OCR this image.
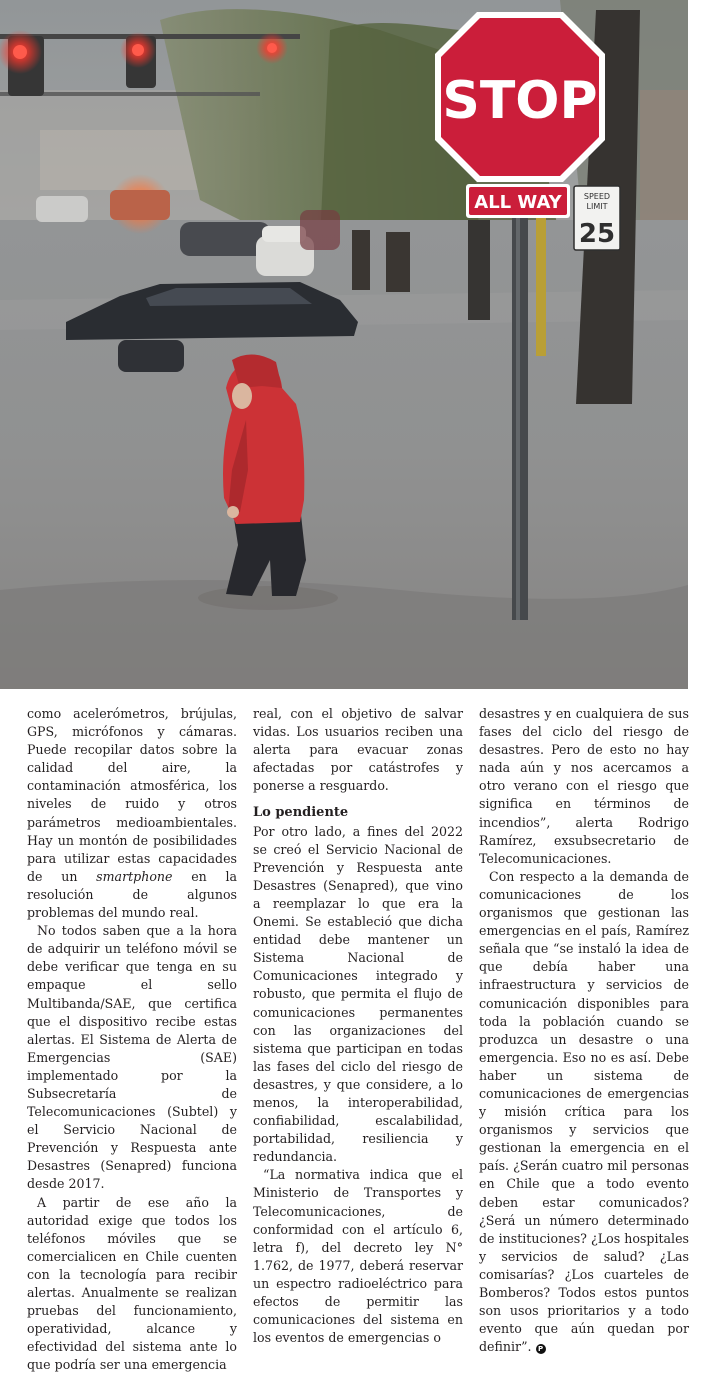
STOP
ALL WAY	SPEED
LIMIT
25

como acelerómetros, brújulas, GPS, micrófonos y cámaras. Puede recopilar datos sobre la calidad del aire, la contaminación atmosférica, los niveles de ruido y otros parámetros medioambientales. Hay un montón de posibilidades para utilizar estas capacidades de un smartphone en la resolución de algunos problemas del mundo real.

No todos saben que a la hora de adquirir un teléfono móvil se debe verificar que tenga en su empaque el sello Multibanda/SAE, que certifica que el dispositivo recibe estas alertas. El Sistema de Alerta de Emergencias (SAE) implementado por la Subsecretaría de Telecomunicaciones (Subtel) y el Servicio Nacional de Prevención y Respuesta ante Desastres (Senapred) funciona desde 2017.

A partir de ese año la autoridad exige que todos los teléfonos móviles que se comercialicen en Chile cuenten con la tecnología para recibir alertas. Anualmente se realizan pruebas del funcionamiento, operatividad, alcance y efectividad del sistema ante lo que podría ser una emergencia

real, con el objetivo de salvar vidas. Los usuarios reciben una alerta para evacuar zonas afectadas por catástrofes y ponerse a resguardo.

Lo pendiente

Por otro lado, a fines del 2022 se creó el Servicio Nacional de Prevención y Respuesta ante Desastres (Senapred), que vino a reemplazar lo que era la Onemi. Se estableció que dicha entidad debe mantener un Sistema Nacional de Comunicaciones integrado y robusto, que permita el flujo de comunicaciones permanentes con las organizaciones del sistema que participan en todas las fases del ciclo del riesgo de desastres, y que considere, a lo menos, la interoperabilidad, confiabilidad, escalabilidad, portabilidad, resiliencia y redundancia.

“La normativa indica que el Ministerio de Transportes y Telecomunicaciones, de conformidad con el artículo 6, letra f), del decreto ley N° 1.762, de 1977, deberá reservar un espectro radioeléctrico para efectos de permitir las comunicaciones del sistema en los eventos de emergencias o

desastres y en cualquiera de sus fases del ciclo del riesgo de desastres. Pero de esto no hay nada aún y nos acercamos a otro verano con el riesgo que significa en términos de incendios”, alerta Rodrigo Ramírez, exsubsecretario de Telecomunicaciones.

Con respecto a la demanda de comunicaciones de los organismos que gestionan las emergencias en el país, Ramírez señala que “se instaló la idea de que debía haber una infraestructura y servicios de comunicación disponibles para toda la población cuando se produzca un desastre o una emergencia. Eso no es así. Debe haber un sistema de comunicaciones de emergencias y misión crítica para los organismos y servicios que gestionan la emergencia en el país. ¿Serán cuatro mil personas en Chile que a todo evento deben estar comunicados? ¿Será un número determinado de instituciones? ¿Los hospitales y servicios de salud? ¿Las comisarías? ¿Los cuarteles de Bomberos? Todos estos puntos son usos prioritarios y a todo evento que aún quedan por definir”. P
